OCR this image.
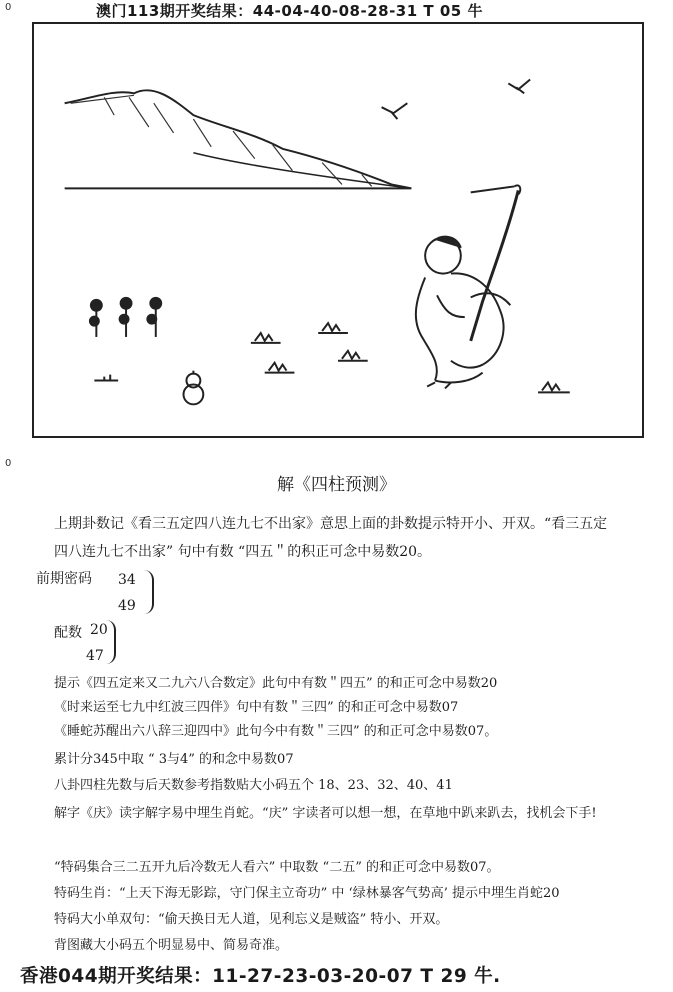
0	澳门113期开奖结果：44-04-40-08-28-31 T 05 牛
0
解《四柱预测》
上期卦数记《看三五定四八连九七不出家》意思上面的卦数提示特开小、开双。“看三五定
四八连九七不出家” 句中有数 “四五＂的积正可念中易数20。
前期密码 34
49
配数 20
47
提示《四五定来又二九六八合数定》此句中有数＂四五” 的和正可念中易数20
《时来运至七九中红波三四伴》句中有数＂三四” 的和正可念中易数07
《睡蛇苏醒出六八辞三迎四中》此句今中有数＂三四” 的和正可念中易数07。
累计分345中取 “ 3与4” 的和念中易数07
八卦四柱先数与后天数参考指数贴大小码五个 18、23、32、40、41
解字《庆》读字解字易中埋生肖蛇。“庆” 字读者可以想一想，在草地中趴来趴去，找机会下手!
“特码集合三二五开九后冷数无人看六” 中取数 “二五” 的和正可念中易数07。
特码生肖：“上天下海无影踪，守门保主立奇功” 中 ‘绿林暴客气势高’ 提示中埋生肖蛇20
特码大小单双句：“偷天换日无人道，见利忘义是贼盗” 特小、开双。
背图藏大小码五个明显易中、简易奇准。
香港044期开奖结果：11-27-23-03-20-07 T 29 牛.
